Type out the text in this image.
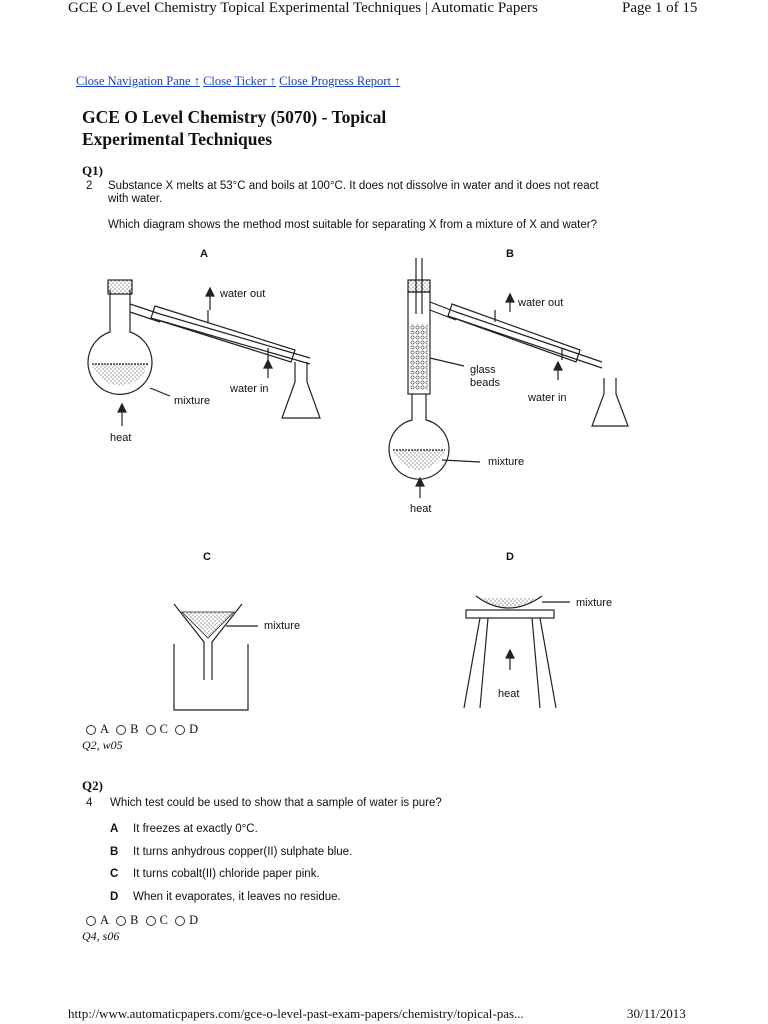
GCE O Level Chemistry Topical Experimental Techniques | Automatic Papers	Page 1 of 15
Close Navigation Pane ↑ Close Ticker ↑ Close Progress Report ↑
GCE O Level Chemistry (5070) - Topical
Experimental Techniques
Q1)
2 Substance X melts at 53°C and boils at 100°C. It does not dissolve in water and it does not react
with water.
Which diagram shows the method most suitable for separating X from a mixture of X and water?
A
water out
water in
mixture
heat
B
water out
glass
beads
water in
mixture
heat
C
mixture
D
mixture
heat
A
B
C
D
Q2, w05
Q2)
4 Which test could be used to show that a sample of water is pure?
A It freezes at exactly 0°C.
B It turns anhydrous copper(II) sulphate blue.
C It turns cobalt(II) chloride paper pink.
D When it evaporates, it leaves no residue.
A
B
C
D
Q4, s06
http://www.automaticpapers.com/gce-o-level-past-exam-papers/chemistry/topical-pas...	30/11/2013
